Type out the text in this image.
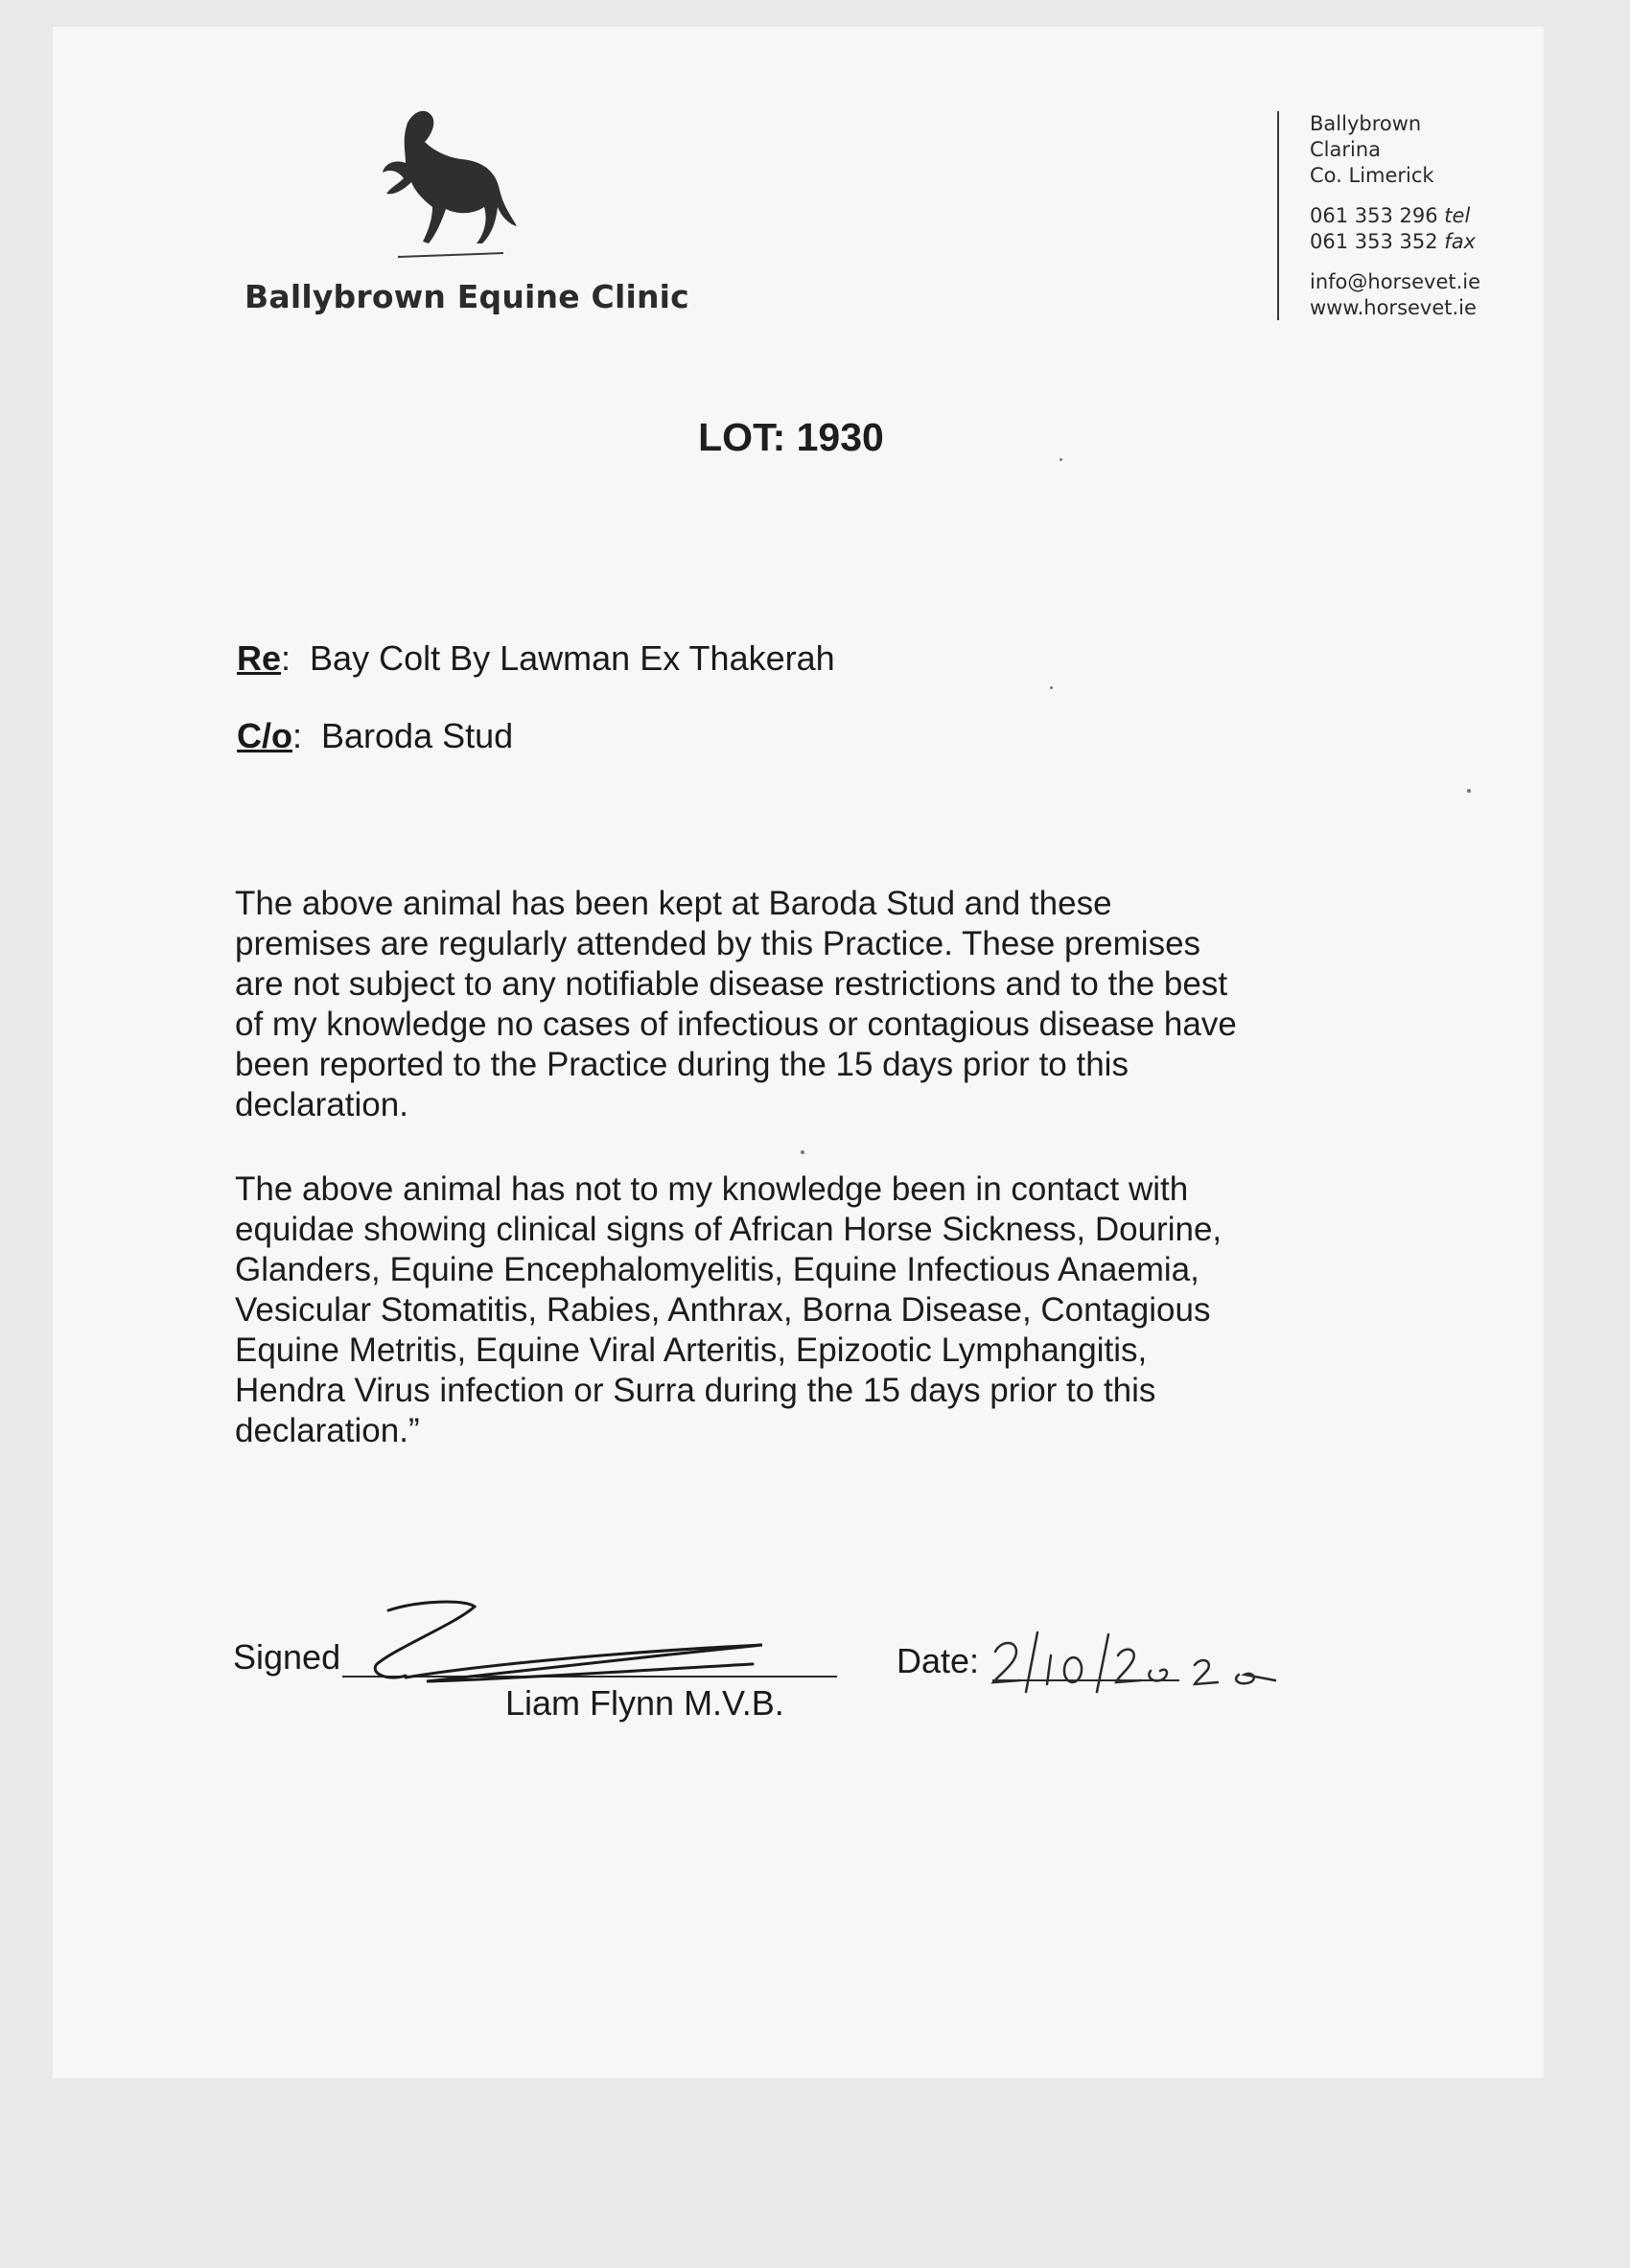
Ballybrown Equine Clinic
Ballybrown
Clarina
Co. Limerick
061 353 296 tel
061 353 352 fax
info@horsevet.ie
www.horsevet.ie
LOT: 1930
Re:  Bay Colt By Lawman Ex Thakerah
C/o:  Baroda Stud
The above animal has been kept at Baroda Stud and these
premises are regularly attended by this Practice. These premises
are not subject to any notifiable disease restrictions and to the best
of my knowledge no cases of infectious or contagious disease have
been reported to the Practice during the 15 days prior to this
declaration.
The above animal has not to my knowledge been in contact with
equidae showing clinical signs of African Horse Sickness, Dourine,
Glanders, Equine Encephalomyelitis, Equine Infectious Anaemia,
Vesicular Stomatitis, Rabies, Anthrax, Borna Disease, Contagious
Equine Metritis, Equine Viral Arteritis, Epizootic Lymphangitis,
Hendra Virus infection or Surra during the 15 days prior to this
declaration.”
Signed
Liam Flynn M.V.B.
Date:
